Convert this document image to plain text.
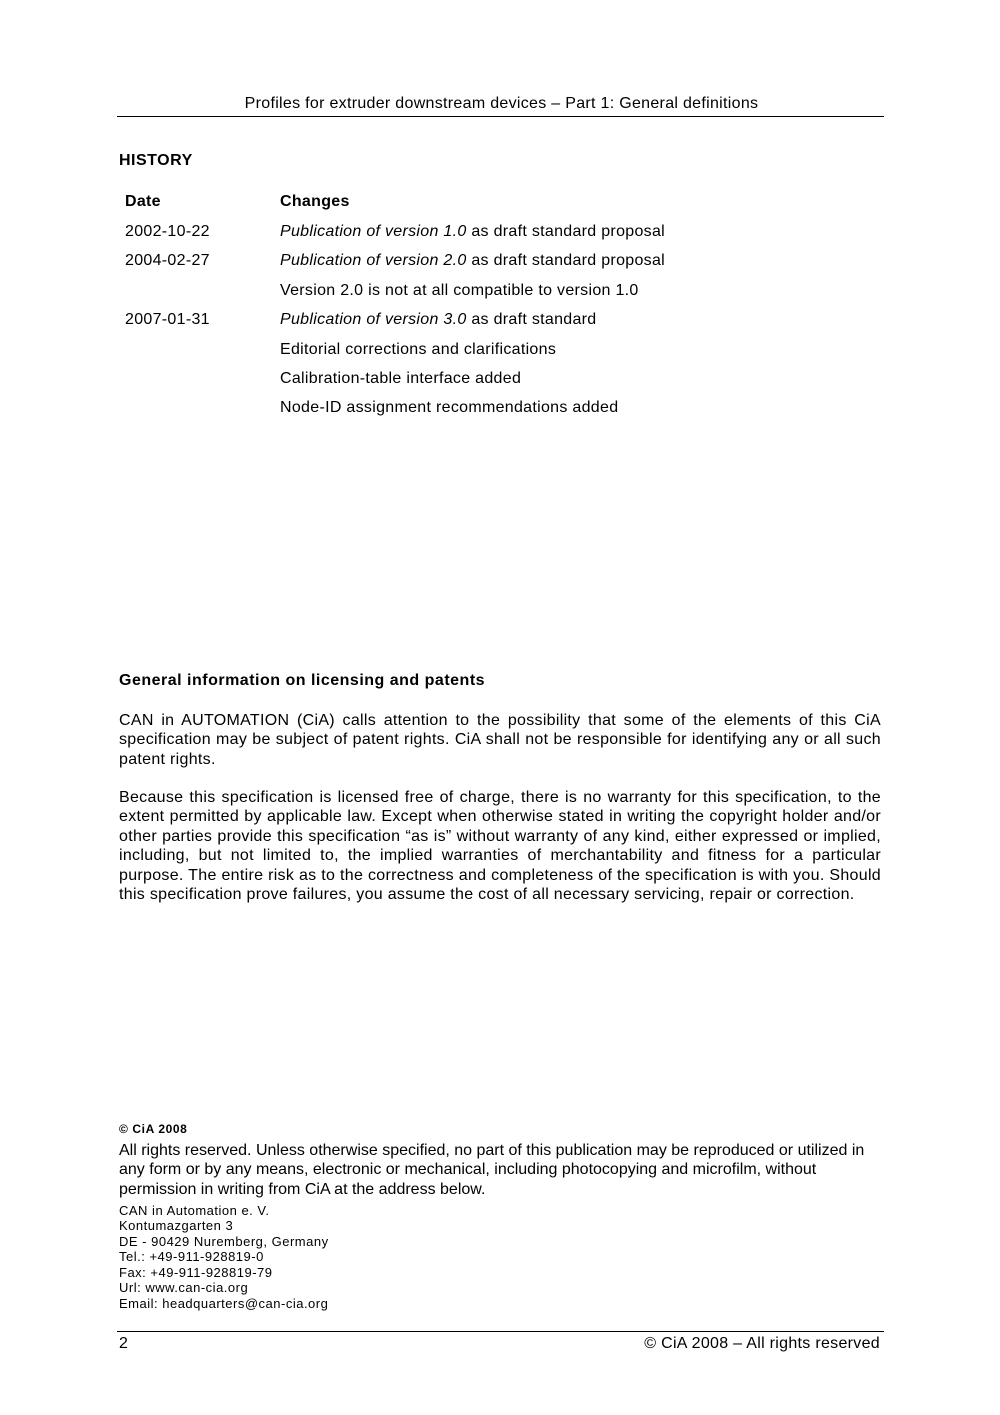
Profiles for extruder downstream devices – Part 1: General definitions
HISTORY
Date	Changes
2002-10-22	Publication of version 1.0 as draft standard proposal
2004-02-27	Publication of version 2.0 as draft standard proposal
Version 2.0 is not at all compatible to version 1.0
2007-01-31	Publication of version 3.0 as draft standard
Editorial corrections and clarifications
Calibration-table interface added
Node-ID assignment recommendations added
General information on licensing and patents
CAN in AUTOMATION (CiA) calls attention to the possibility that some of the elements of this CiA specification may be subject of patent rights. CiA shall not be responsible for identifying any or all such patent rights.
Because this specification is licensed free of charge, there is no warranty for this specification, to the extent permitted by applicable law. Except when otherwise stated in writing the copyright holder and/or other parties provide this specification “as is” without warranty of any kind, either expressed or implied, including, but not limited to, the implied warranties of merchantability and fitness for a particular purpose. The entire risk as to the correctness and completeness of the specification is with you. Should this specification prove failures, you assume the cost of all necessary servicing, repair or correction.
© CiA 2008
All rights reserved. Unless otherwise specified, no part of this publication may be reproduced or utilized in any form or by any means, electronic or mechanical, including photocopying and microfilm, without permission in writing from CiA at the address below.
CAN in Automation e. V.
Kontumazgarten 3
DE - 90429 Nuremberg, Germany
Tel.: +49-911-928819-0
Fax: +49-911-928819-79
Url: www.can-cia.org
Email: headquarters@can-cia.org
2	© CiA 2008 – All rights reserved
